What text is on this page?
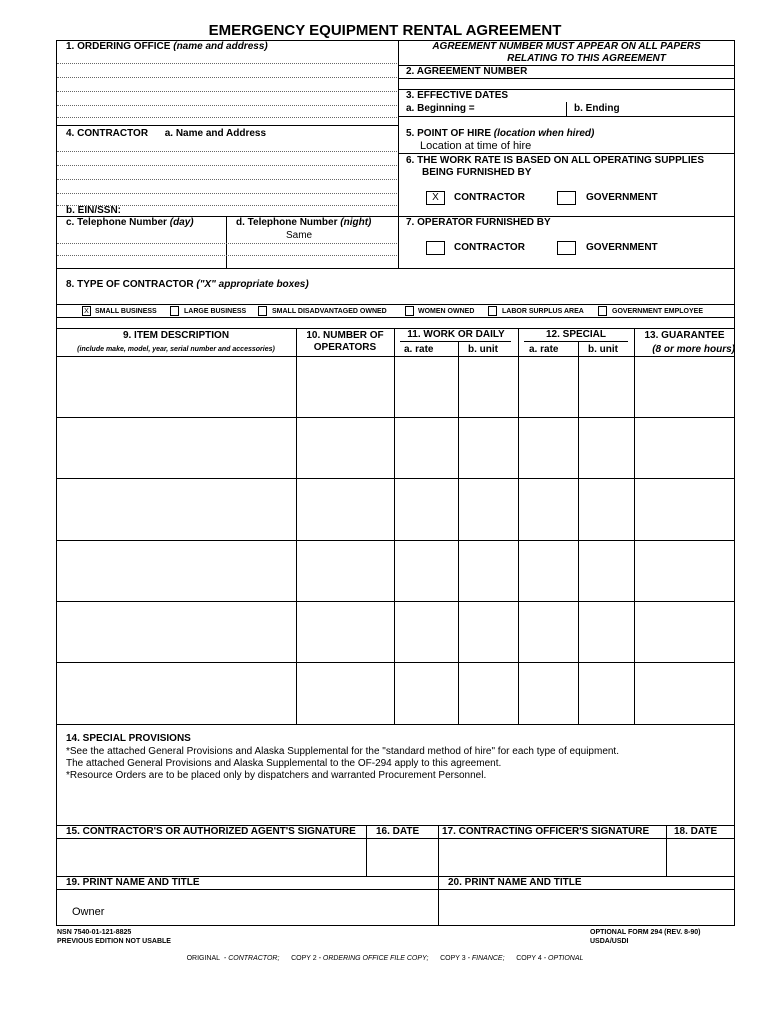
EMERGENCY EQUIPMENT RENTAL AGREEMENT
1. ORDERING OFFICE (name and address)	AGREEMENT NUMBER MUST APPEAR ON ALL PAPERS
RELATING TO THIS AGREEMENT
2. AGREEMENT NUMBER
3. EFFECTIVE DATES
a. Beginning =	b. Ending
4. CONTRACTOR a. Name and Address
b. EIN/SSN:
c. Telephone Number (day)	d. Telephone Number (night)
Same
5. POINT OF HIRE (location when hired)
Location at time of hire
6. THE WORK RATE IS BASED ON ALL OPERATING SUPPLIES
BEING FURNISHED BY
X	CONTRACTOR	GOVERNMENT
7. OPERATOR FURNISHED BY
CONTRACTOR	GOVERNMENT
8. TYPE OF CONTRACTOR ("X" appropriate boxes)
X SMALL BUSINESS	LARGE BUSINESS	SMALL DISADVANTAGED OWNED	WOMEN OWNED	LABOR SURPLUS AREA	GOVERNMENT EMPLOYEE
9. ITEM DESCRIPTION
(include make, model, year, serial number and accessories)
10. NUMBER OF
OPERATORS
11. WORK OR DAILY
a. rate	b. unit
12. SPECIAL
a. rate	b. unit
13. GUARANTEE
(8 or more hours)
14. SPECIAL PROVISIONS
*See the attached General Provisions and Alaska Supplemental for the "standard method of hire" for each type of equipment.
The attached General Provisions and Alaska Supplemental to the OF-294 apply to this agreement.
*Resource Orders are to be placed only by dispatchers and warranted Procurement Personnel.
15. CONTRACTOR'S OR AUTHORIZED AGENT'S SIGNATURE 16. DATE 17. CONTRACTING OFFICER'S SIGNATURE 18. DATE
19. PRINT NAME AND TITLE	20. PRINT NAME AND TITLE
Owner
NSN 7540-01-121-8825
PREVIOUS EDITION NOT USABLE
OPTIONAL FORM 294 (REV. 8-90)
USDA/USDI
ORIGINAL - CONTRACTOR; COPY 2 - ORDERING OFFICE FILE COPY; COPY 3 - FINANCE; COPY 4 - OPTIONAL
